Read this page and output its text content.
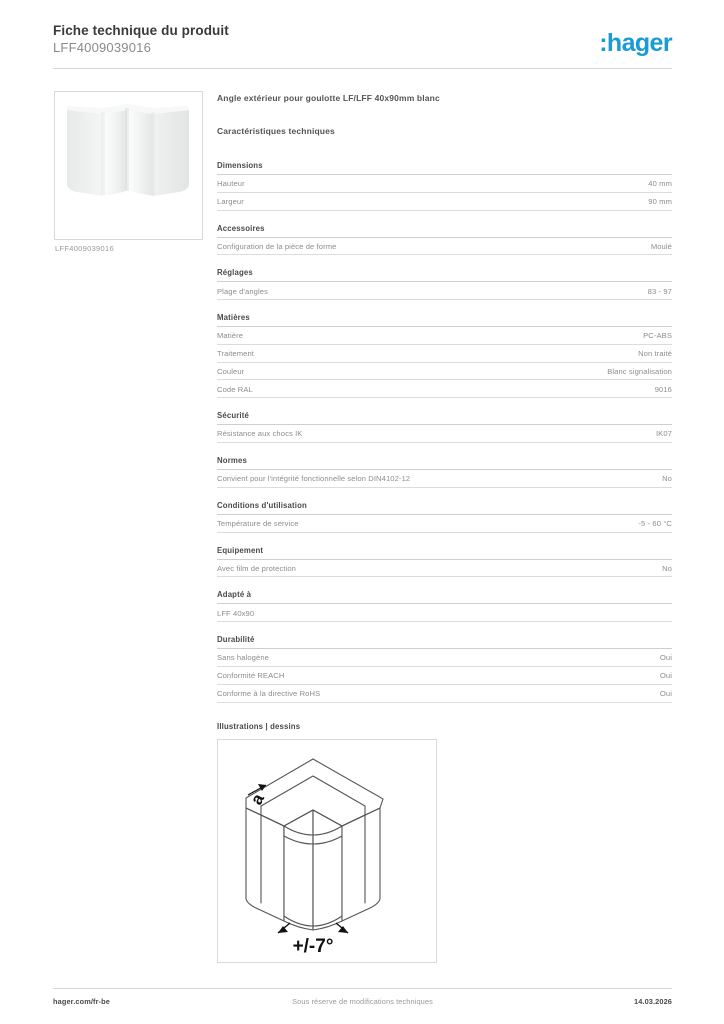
Fiche technique du produit
LFF4009039016	:hager
LFF4009039016
Angle extérieur pour goulotte LF/LFF 40x90mm blanc
Caractéristiques techniques
Dimensions
Hauteur	40 mm
Largeur	90 mm
Accessoires
Configuration de la pièce de forme	Moulé
Réglages
Plage d'angles	83 - 97
Matières
Matière	PC-ABS
Traitement	Non traité
Couleur	Blanc signalisation
Code RAL	9016
Sécurité
Résistance aux chocs IK	IK07
Normes
Convient pour l'intégrité fonctionnelle selon DIN4102-12	No
Conditions d'utilisation
Température de service	-5 - 60 °C
Equipement
Avec film de protection	No
Adapté à
LFF 40x90
Durabilité
Sans halogène	Oui
Conformité REACH	Oui
Conforme à la directive RoHS	Oui
Illustrations | dessins
a
+/-7°
Sous réserve de modifications techniques
hager.com/fr-be	14.03.2026
